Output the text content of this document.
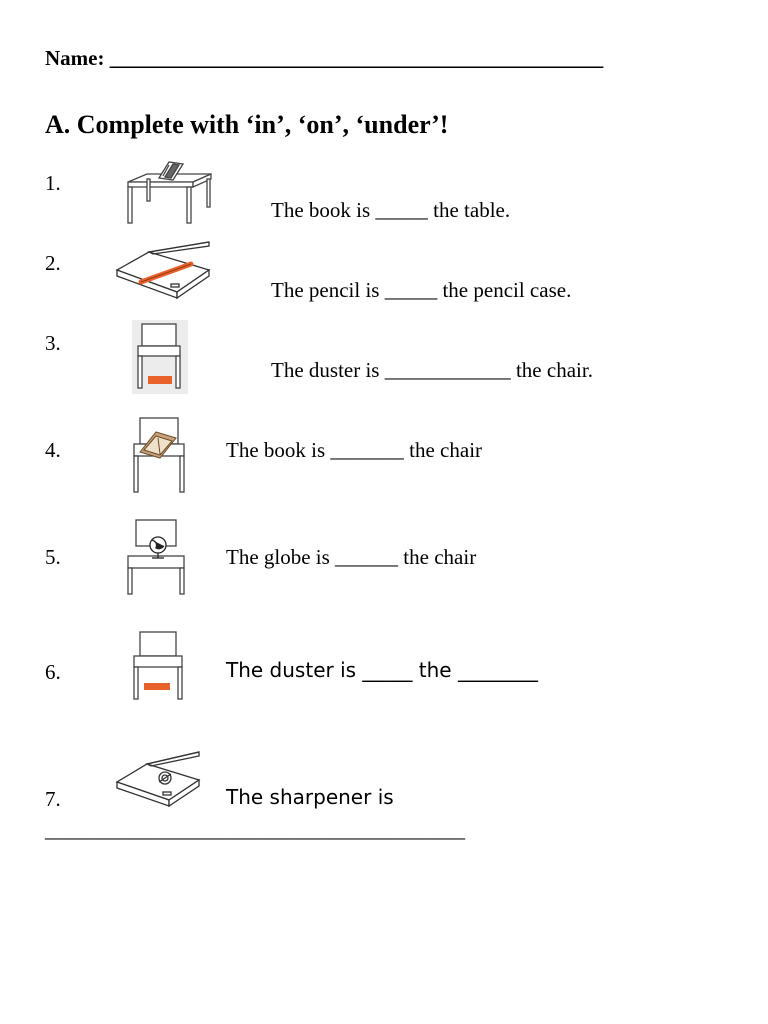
Name: _______________________________________________
A. Complete with ‘in’, ‘on’, ‘under’!
1.
The book is _____ the table.
2.
The pencil is _____ the pencil case.
3.
The duster is ____________ the chair.
4.	The book is _______ the chair
5.	The globe is ______ the chair
6.	The duster is _____ the ________
7.	The sharpener is
________________________________________
